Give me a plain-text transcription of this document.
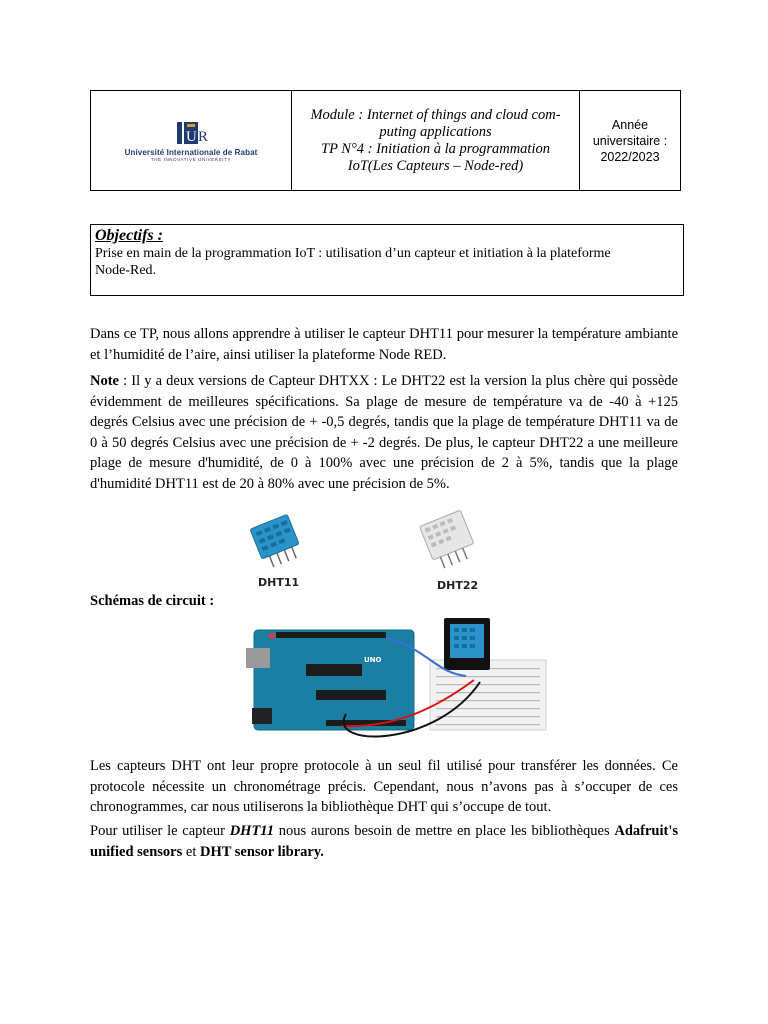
U R
Université Internationale de Rabat
THE INNOVATIVE UNIVERSITY
Module : Internet of things and cloud com-
puting applications
TP N°4 : Initiation à la programmation
IoT(Les Capteurs – Node-red)
Année
universitaire :
2022/2023
Objectifs :
Prise en main de la programmation IoT : utilisation d’un capteur et initiation à la plateforme
Node-Red.
Dans ce TP, nous allons apprendre à utiliser le capteur DHT11 pour mesurer la température ambiante et l’humidité de l’aire, ainsi utiliser la plateforme Node RED.
Note : Il y a deux versions de Capteur DHTXX : Le DHT22 est la version la plus chère qui possède évidemment de meilleures spécifications. Sa plage de mesure de température va de -40 à +125 degrés Celsius avec une précision de + -0,5 degrés, tandis que la plage de température DHT11 va de 0 à 50 degrés Celsius avec une précision de + -2 degrés. De plus, le capteur DHT22 a une meilleure plage de mesure d'humidité, de 0 à 100% avec une précision de 2 à 5%, tandis que la plage d'humidité DHT11 est de 20 à 80% avec une précision de 5%.
DHT11	DHT22
Schémas de circuit :
UNO
Les capteurs DHT ont leur propre protocole à un seul fil utilisé pour transférer les données. Ce protocole nécessite un chronométrage précis. Cependant, nous n’avons pas à s’occuper de ces chronogrammes, car nous utiliserons la bibliothèque DHT qui s’occupe de tout.
Pour utiliser le capteur DHT11 nous aurons besoin de mettre en place les bibliothèques Adafruit's unified sensors et DHT sensor library.
